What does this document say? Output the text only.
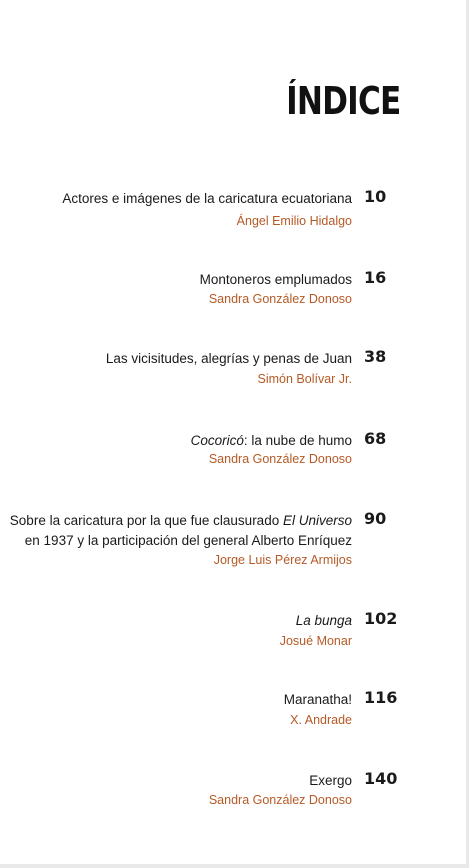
ÍNDICE
Actores e imágenes de la caricatura ecuatoriana 10
Ángel Emilio Hidalgo
Montoneros emplumados 16
Sandra González Donoso
Las vicisitudes, alegrías y penas de Juan 38
Simón Bolívar Jr.
Cocoricó: la nube de humo 68
Sandra González Donoso
Sobre la caricatura por la que fue clausurado El Universo
en 1937 y la participación del general Alberto Enríquez
90
Jorge Luis Pérez Armijos
La bunga 102
Josué Monar
Maranatha! 116
X. Andrade
Exergo 140
Sandra González Donoso
